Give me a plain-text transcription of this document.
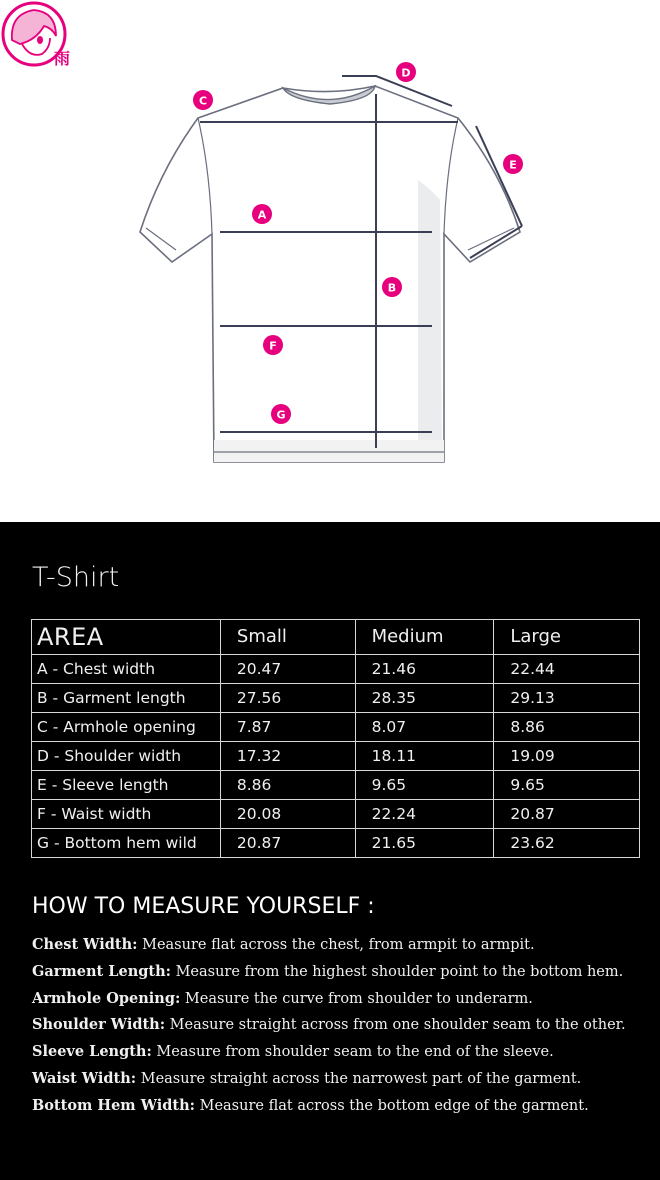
C
D
E
A
B
F
G
雨
T-Shirt
AREA	Small	Medium	Large
A - Chest width	20.47	21.46	22.44
B - Garment length	27.56	28.35	29.13
C - Armhole opening	7.87	8.07	8.86
D - Shoulder width	17.32	18.11	19.09
E - Sleeve length	8.86	9.65	9.65
F - Waist width	20.08	22.24	20.87
G - Bottom hem wild	20.87	21.65	23.62
HOW TO MEASURE YOURSELF :
Chest Width: Measure flat across the chest, from armpit to armpit.
Garment Length: Measure from the highest shoulder point to the bottom hem.
Armhole Opening: Measure the curve from shoulder to underarm.
Shoulder Width: Measure straight across from one shoulder seam to the other.
Sleeve Length: Measure from shoulder seam to the end of the sleeve.
Waist Width: Measure straight across the narrowest part of the garment.
Bottom Hem Width: Measure flat across the bottom edge of the garment.
